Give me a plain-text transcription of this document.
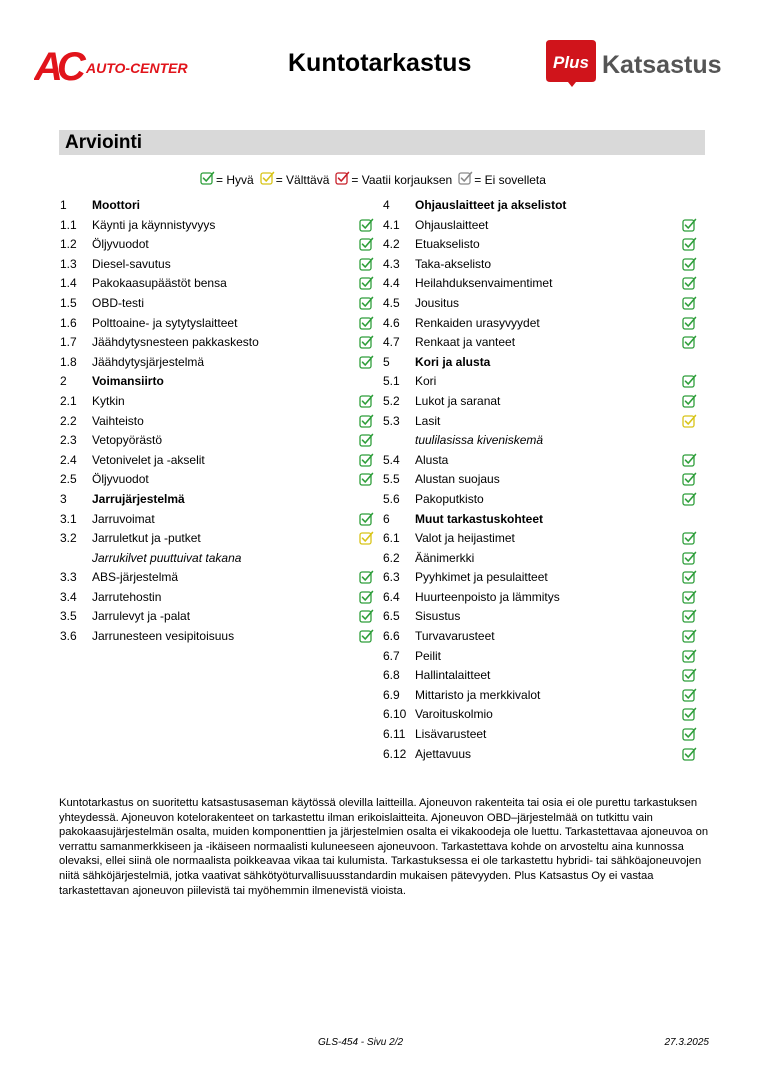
AC AUTO-CENTER	Kuntotarkastus	Plus Katsastus
Arviointi
= Hyvä = Välttävä = Vaatii korjauksen = Ei sovelleta
1 Moottori
1.1 Käynti ja käynnistyvyys
1.2 Öljyvuodot
1.3 Diesel-savutus
1.4 Pakokaasupäästöt bensa
1.5 OBD-testi
1.6 Polttoaine- ja sytytyslaitteet
1.7 Jäähdytysnesteen pakkaskesto
1.8 Jäähdytysjärjestelmä
2 Voimansiirto
2.1 Kytkin
2.2 Vaihteisto
2.3 Vetopyörästö
2.4 Vetonivelet ja -akselit
2.5 Öljyvuodot
3 Jarrujärjestelmä
3.1 Jarruvoimat
3.2 Jarruletkut ja -putket
Jarrukilvet puuttuivat takana
3.3 ABS-järjestelmä
3.4 Jarrutehostin
3.5 Jarrulevyt ja -palat
3.6 Jarrunesteen vesipitoisuus
4 Ohjauslaitteet ja akselistot
4.1 Ohjauslaitteet
4.2 Etuakselisto
4.3 Taka-akselisto
4.4 Heilahduksenvaimentimet
4.5 Jousitus
4.6 Renkaiden urasyvyydet
4.7 Renkaat ja vanteet
5 Kori ja alusta
5.1 Kori
5.2 Lukot ja saranat
5.3 Lasit
tuulilasissa kiveniskemä
5.4 Alusta
5.5 Alustan suojaus
5.6 Pakoputkisto
6 Muut tarkastuskohteet
6.1 Valot ja heijastimet
6.2 Äänimerkki
6.3 Pyyhkimet ja pesulaitteet
6.4 Huurteenpoisto ja lämmitys
6.5 Sisustus
6.6 Turvavarusteet
6.7 Peilit
6.8 Hallintalaitteet
6.9 Mittaristo ja merkkivalot
6.10 Varoituskolmio
6.11 Lisävarusteet
6.12 Ajettavuus
Kuntotarkastus on suoritettu katsastusaseman käytössä olevilla laitteilla. Ajoneuvon rakenteita tai osia ei ole purettu tarkastuksen yhteydessä. Ajoneuvon kotelorakenteet on tarkastettu ilman erikoislaitteita. Ajoneuvon OBD–järjestelmää on tutkittu vain pakokaasujärjestelmän osalta, muiden komponenttien ja järjestelmien osalta ei vikakoodeja ole luettu. Tarkastettavaa ajoneuvoa on verrattu samanmerkkiseen ja -ikäiseen normaalisti kuluneeseen ajoneuvoon. Tarkastettava kohde on arvosteltu aina kunnossa olevaksi, ellei siinä ole normaalista poikkeavaa vikaa tai kulumista. Tarkastuksessa ei ole tarkastettu hybridi- tai sähköajoneuvojen niitä sähköjärjestelmiä, jotka vaativat sähkötyöturvallisuusstandardin mukaisen pätevyyden. Plus Katsastus Oy ei vastaa tarkastettavan ajoneuvon piilevistä tai myöhemmin ilmenevistä vioista.
GLS-454 - Sivu 2/2	27.3.2025
